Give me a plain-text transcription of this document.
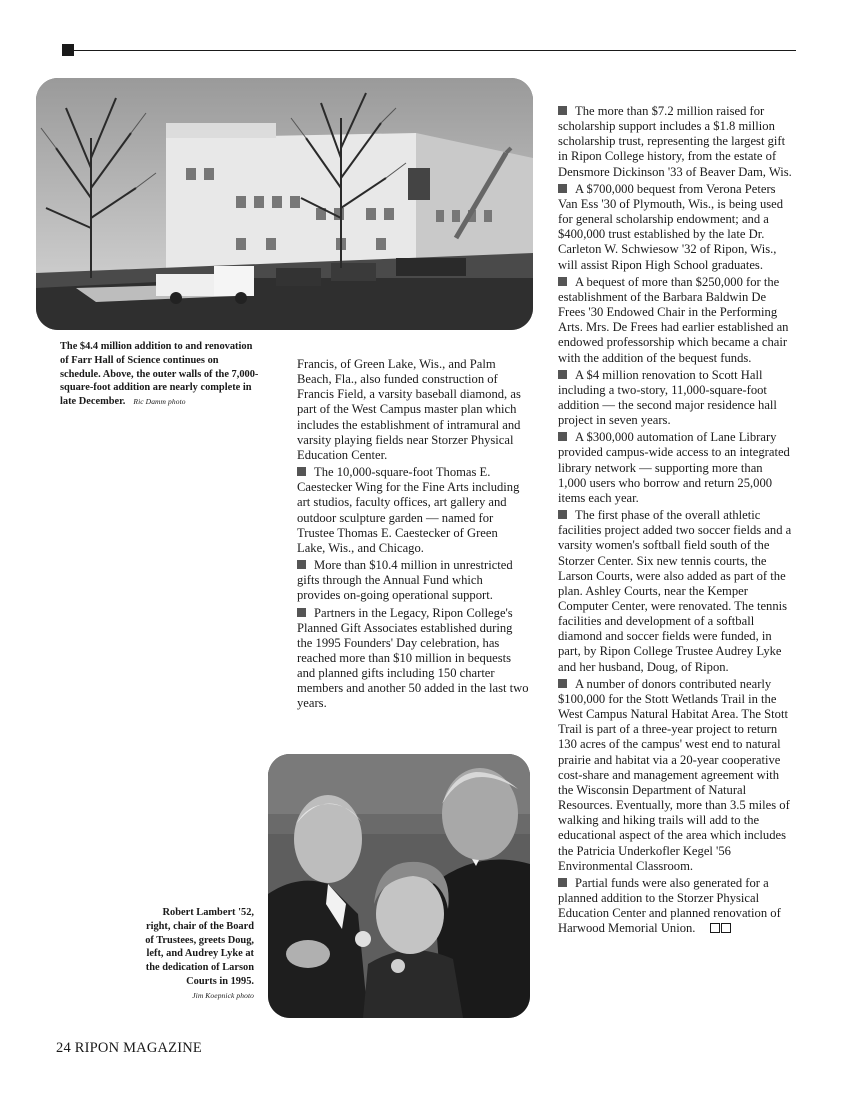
The $4.4 million addition to and renovation of Farr Hall of Science continues on schedule. Above, the outer walls of the 7,000-square-foot addition are nearly complete in late December. Ric Damm photo

Francis, of Green Lake, Wis., and Palm Beach, Fla., also funded construction of Francis Field, a varsity baseball diamond, as part of the West Campus master plan which includes the establishment of intramural and varsity playing fields near Storzer Physical Education Center.

The 10,000-square-foot Thomas E. Caestecker Wing for the Fine Arts including art studios, faculty offices, art gallery and outdoor sculpture garden — named for Trustee Thomas E. Caestecker of Green Lake, Wis., and Chicago.

More than $10.4 million in unrestricted gifts through the Annual Fund which provides on-going operational support.

Partners in the Legacy, Ripon College's Planned Gift Associates established during the 1995 Founders' Day celebration, has reached more than $10 million in bequests and planned gifts including 150 charter members and another 50 added in the last two years.

The more than $7.2 million raised for scholarship support includes a $1.8 million scholarship trust, representing the largest gift in Ripon College history, from the estate of Densmore Dickinson '33 of Beaver Dam, Wis.

A $700,000 bequest from Verona Peters Van Ess '30 of Plymouth, Wis., is being used for general scholarship endowment; and a $400,000 trust established by the late Dr. Carleton W. Schwiesow '32 of Ripon, Wis., will assist Ripon High School graduates.

A bequest of more than $250,000 for the establishment of the Barbara Baldwin De Frees '30 Endowed Chair in the Performing Arts. Mrs. De Frees had earlier established an endowed professorship which became a chair with the addition of the bequest funds.

A $4 million renovation to Scott Hall including a two-story, 11,000-square-foot addition — the second major residence hall project in seven years.

A $300,000 automation of Lane Library provided campus-wide access to an integrated library network — supporting more than 1,000 users who borrow and return 25,000 items each year.

The first phase of the overall athletic facilities project added two soccer fields and a varsity women's softball field south of the Storzer Center. Six new tennis courts, the Larson Courts, were also added as part of the plan. Ashley Courts, near the Kemper Computer Center, were renovated. The tennis facilities and development of a softball diamond and soccer fields were funded, in part, by Ripon College Trustee Audrey Lyke and her husband, Doug, of Ripon.

A number of donors contributed nearly $100,000 for the Stott Wetlands Trail in the West Campus Natural Habitat Area. The Stott Trail is part of a three-year project to return 130 acres of the campus' west end to natural prairie and habitat via a 20-year cooperative cost-share and management agreement with the Wisconsin Department of Natural Resources. Eventually, more than 3.5 miles of walking and hiking trails will add to the educational aspect of the area which includes the Patricia Underkofler Kegel '56 Environmental Classroom.

Partial funds were also generated for a planned addition to the Storzer Physical Education Center and planned renovation of Harwood Memorial Union.

Robert Lambert '52, right, chair of the Board of Trustees, greets Doug, left, and Audrey Lyke at the dedication of Larson Courts in 1995.
Jim Koepnick photo
24 RIPON MAGAZINE
